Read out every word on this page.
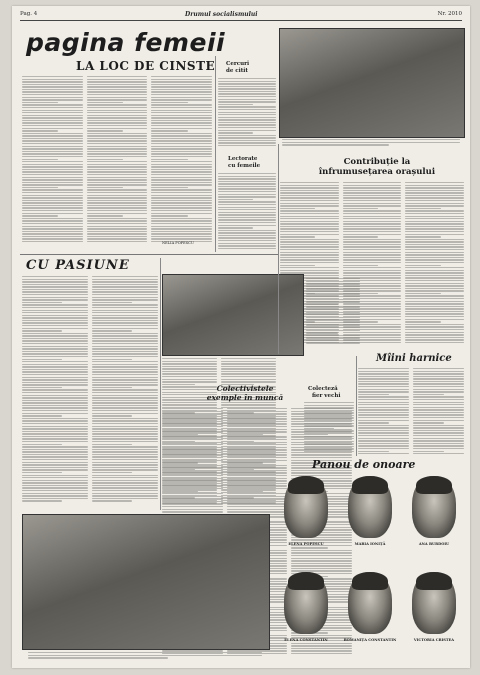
Pag. 4	Drumul socialismului	Nr. 2010
pagina femeii
LA LOC DE CINSTE
NELIA POPESCU
Cercuri
de citit
Lectorate
cu femeile	Contribuție la înfrumusețarea orașului
CU PASIUNE
Colectivistele exemple în muncă
Colecteză
fier vechi
Mîini harnice
Panou de onoare
ELENA POPESCU	MARIA IONIȚĂ	ANA BURDOIU
ELENA CONSTANTIN	ROMANIȚA CONSTANTIN	VICTORIA CRISTEA
